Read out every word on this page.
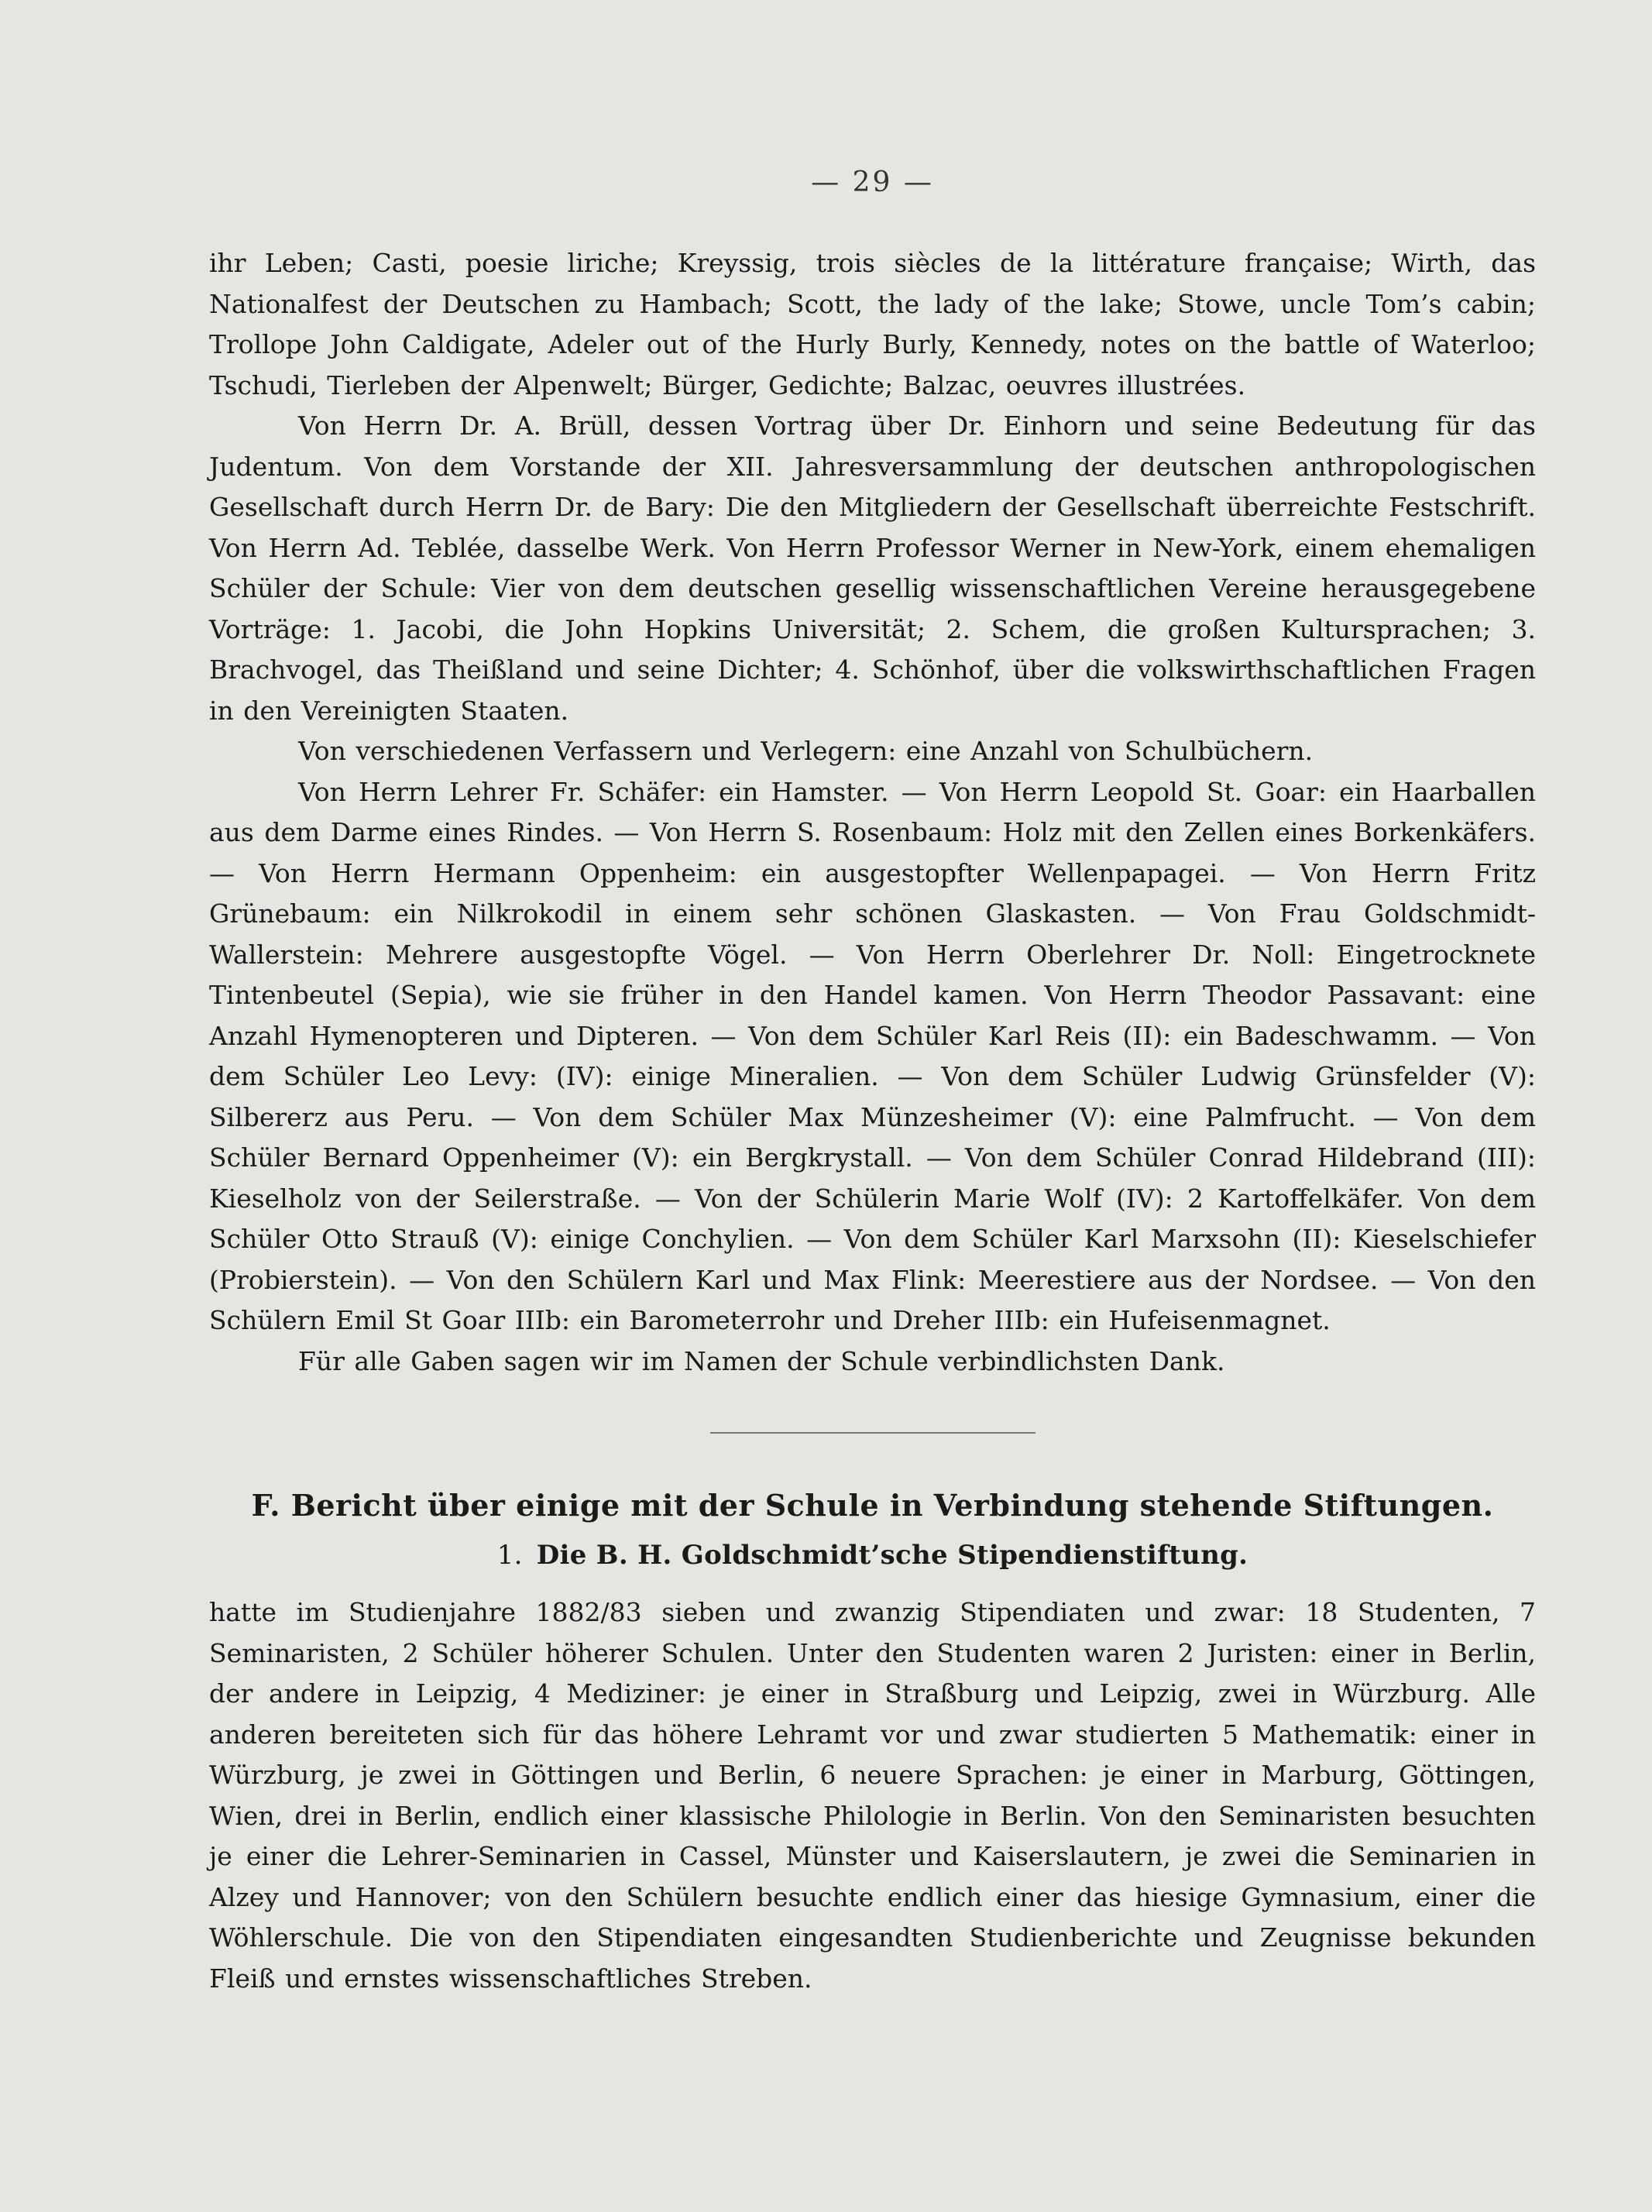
— 29 —

ihr Leben; Casti, poesie liriche; Kreyssig, trois siècles de la littérature française; Wirth, das Nationalfest der Deutschen zu Hambach; Scott, the lady of the lake; Stowe, uncle Tom’s cabin; Trollope John Caldigate, Adeler out of the Hurly Burly, Kennedy, notes on the battle of Waterloo; Tschudi, Tierleben der Alpenwelt; Bürger, Gedichte; Balzac, oeuvres illustrées.

Von Herrn Dr. A. Brüll, dessen Vortrag über Dr. Einhorn und seine Bedeutung für das Judentum. Von dem Vorstande der XII. Jahresversammlung der deutschen anthropologischen Gesellschaft durch Herrn Dr. de Bary: Die den Mitgliedern der Gesellschaft überreichte Festschrift. Von Herrn Ad. Teblée, dasselbe Werk. Von Herrn Professor Werner in New-York, einem ehemaligen Schüler der Schule: Vier von dem deutschen gesellig wissenschaftlichen Vereine herausgegebene Vorträge: 1. Jacobi, die John Hopkins Universität; 2. Schem, die großen Kultursprachen; 3. Brachvogel, das Theißland und seine Dichter; 4. Schönhof, über die volkswirthschaftlichen Fragen in den Vereinigten Staaten.

Von verschiedenen Verfassern und Verlegern: eine Anzahl von Schulbüchern.

Von Herrn Lehrer Fr. Schäfer: ein Hamster. — Von Herrn Leopold St. Goar: ein Haarballen aus dem Darme eines Rindes. — Von Herrn S. Rosenbaum: Holz mit den Zellen eines Borkenkäfers. — Von Herrn Hermann Oppenheim: ein ausgestopfter Wellenpapagei. — Von Herrn Fritz Grünebaum: ein Nilkrokodil in einem sehr schönen Glaskasten. — Von Frau Goldschmidt-Wallerstein: Mehrere ausgestopfte Vögel. — Von Herrn Oberlehrer Dr. Noll: Eingetrocknete Tintenbeutel (Sepia), wie sie früher in den Handel kamen. Von Herrn Theodor Passavant: eine Anzahl Hymenopteren und Dipteren. — Von dem Schüler Karl Reis (II): ein Badeschwamm. — Von dem Schüler Leo Levy: (IV): einige Mineralien. — Von dem Schüler Ludwig Grünsfelder (V): Silbererz aus Peru. — Von dem Schüler Max Münzesheimer (V): eine Palmfrucht. — Von dem Schüler Bernard Oppenheimer (V): ein Bergkrystall. — Von dem Schüler Conrad Hildebrand (III): Kieselholz von der Seilerstraße. — Von der Schülerin Marie Wolf (IV): 2 Kartoffelkäfer. Von dem Schüler Otto Strauß (V): einige Conchylien. — Von dem Schüler Karl Marxsohn (II): Kieselschiefer (Probierstein). — Von den Schülern Karl und Max Flink: Meerestiere aus der Nordsee. — Von den Schülern Emil St Goar IIIb: ein Barometerrohr und Dreher IIIb: ein Hufeisenmagnet.

Für alle Gaben sagen wir im Namen der Schule verbindlichsten Dank.

F. Bericht über einige mit der Schule in Verbindung stehende Stiftungen.
1. Die B. H. Goldschmidt’sche Stipendienstiftung.

hatte im Studienjahre 1882/83 sieben und zwanzig Stipendiaten und zwar: 18 Studenten, 7 Seminaristen, 2 Schüler höherer Schulen. Unter den Studenten waren 2 Juristen: einer in Berlin, der andere in Leipzig, 4 Mediziner: je einer in Straßburg und Leipzig, zwei in Würzburg. Alle anderen bereiteten sich für das höhere Lehramt vor und zwar studierten 5 Mathematik: einer in Würzburg, je zwei in Göttingen und Berlin, 6 neuere Sprachen: je einer in Marburg, Göttingen, Wien, drei in Berlin, endlich einer klassische Philologie in Berlin. Von den Seminaristen besuchten je einer die Lehrer-Seminarien in Cassel, Münster und Kaiserslautern, je zwei die Seminarien in Alzey und Hannover; von den Schülern besuchte endlich einer das hiesige Gymnasium, einer die Wöhlerschule. Die von den Stipendiaten eingesandten Studienberichte und Zeugnisse bekunden Fleiß und ernstes wissenschaftliches Streben.
